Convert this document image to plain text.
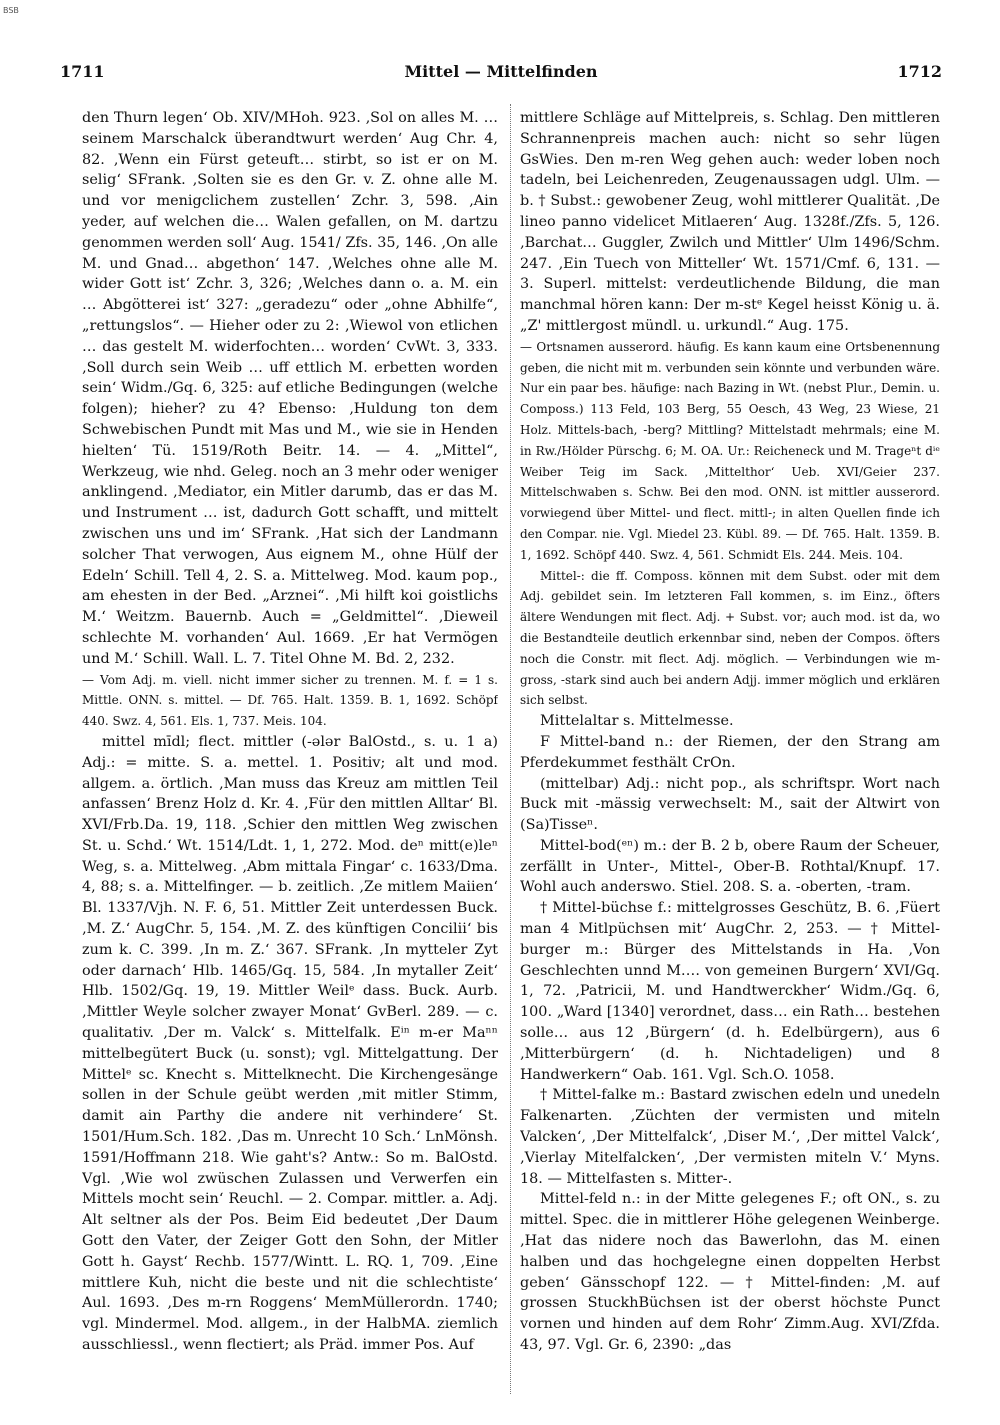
BSB
1711	Mittel — Mittelfinden	1712

den Thurn legen‘ Ob. XIV/MHoh. 923. ‚Sol on alles M. … seinem Marschalck überandtwurt werden‘ Aug Chr. 4, 82. ‚Wenn ein Fürst geteuft… stirbt, so ist er on M. selig‘ SFrank. ‚Solten sie es den Gr. v. Z. ohne alle M. und vor menigclichem zustellen‘ Zchr. 3, 598. ‚Ain yeder, auf welchen die… Walen gefallen, on M. dartzu genommen werden soll‘ Aug. 1541/ Zfs. 35, 146. ‚On alle M. und Gnad… abgethon‘ 147. ‚Welches ohne alle M. wider Gott ist‘ Zchr. 3, 326; ‚Welches dann o. a. M. ein … Abgötterei ist‘ 327: „geradezu“ oder „ohne Abhilfe“, „rettungslos“. — Hieher oder zu 2: ‚Wiewol von etlichen … das gestelt M. widerfochten… worden‘ CvWt. 3, 333. ‚Soll durch sein Weib … uff ettlich M. erbetten worden sein‘ Widm./Gq. 6, 325: auf etliche Bedingungen (welche folgen); hieher? zu 4? Ebenso: ‚Huldung ton dem Schwebischen Pundt mit Mas und M., wie sie in Henden hielten‘ Tü. 1519/Roth Beitr. 14. — 4. „Mittel“, Werkzeug, wie nhd. Geleg. noch an 3 mehr oder weniger anklingend. ‚Mediator, ein Mitler darumb, das er das M. und Instrument … ist, dadurch Gott schafft, und mittelt zwischen uns und im‘ SFrank. ‚Hat sich der Landmann solcher That verwogen, Aus eignem M., ohne Hülf der Edeln‘ Schill. Tell 4, 2. S. a. Mittelweg. Mod. kaum pop., am ehesten in der Bed. „Arznei“. ‚Mi hilft koi goistlichs M.‘ Weitzm. Bauernb. Auch = „Geldmittel“. ‚Dieweil schlechte M. vorhanden‘ Aul. 1669. ‚Er hat Vermögen und M.‘ Schill. Wall. L. 7. Titel Ohne M. Bd. 2, 232.

— Vom Adj. m. viell. nicht immer sicher zu trennen. M. f. = 1 s. Mittle. ONN. s. mittel. — Df. 765. Halt. 1359. B. 1, 1692. Schöpf 440. Swz. 4, 561. Els. 1, 737. Meis. 104.

mittel mīdl; flect. mittler (-ələr BalOstd., s. u. 1 a) Adj.: = mitte. S. a. mettel. 1. Positiv; alt und mod. allgem. a. örtlich. ‚Man muss das Kreuz am mittlen Teil anfassen‘ Brenz Holz d. Kr. 4. ‚Für den mittlen Alltar‘ Bl. XVI/Frb.Da. 19, 118. ‚Schier den mittlen Weg zwischen St. u. Schd.‘ Wt. 1514/Ldt. 1, 1, 272. Mod. deⁿ mitt(e)leⁿ Weg, s. a. Mittelweg. ‚Abm mittala Fingar‘ c. 1633/Dma. 4, 88; s. a. Mittelfinger. — b. zeitlich. ‚Ze mitlem Maiien‘ Bl. 1337/Vjh. N. F. 6, 51. Mittler Zeit unterdessen Buck. ‚M. Z.‘ AugChr. 5, 154. ‚M. Z. des künftigen Concilii‘ bis zum k. C. 399. ‚In m. Z.‘ 367. SFrank. ‚In mytteler Zyt oder darnach‘ Hlb. 1465/Gq. 15, 584. ‚In mytaller Zeit‘ Hlb. 1502/Gq. 19, 19. Mittler Weilᵉ dass. Buck. Aurb. ‚Mittler Weyle solcher zwayer Monat‘ GvBerl. 289. — c. qualitativ. ‚Der m. Valck‘ s. Mittelfalk. Eⁱⁿ m-er Maⁿⁿ mittelbegütert Buck (u. sonst); vgl. Mittelgattung. Der Mittelᵉ sc. Knecht s. Mittelknecht. Die Kirchengesänge sollen in der Schule geübt werden ‚mit mitler Stimm, damit ain Parthy die andere nit verhindere‘ St. 1501/Hum.Sch. 182. ‚Das m. Unrecht 10 Sch.‘ LnMönsh. 1591/Hoffmann 218. Wie gaht's? Antw.: So m. BalOstd. Vgl. ‚Wie wol zwüschen Zulassen und Verwerfen ein Mittels mocht sein‘ Reuchl. — 2. Compar. mittler. a. Adj. Alt seltner als der Pos. Beim Eid bedeutet ‚Der Daum Gott den Vater, der Zeiger Gott den Sohn, der Mitler Gott h. Gayst‘ Rechb. 1577/Wintt. L. RQ. 1, 709. ‚Eine mittlere Kuh, nicht die beste und nit die schlechtiste‘ Aul. 1693. ‚Des m-rn Roggens‘ MemMüllerordn. 1740; vgl. Mindermel. Mod. allgem., in der HalbMA. ziemlich ausschliessl., wenn flectiert; als Präd. immer Pos. Auf

mittlere Schläge auf Mittelpreis, s. Schlag. Den mittleren Schrannenpreis machen auch: nicht so sehr lügen GsWies. Den m-ren Weg gehen auch: weder loben noch tadeln, bei Leichenreden, Zeugenaussagen udgl. Ulm. — b. † Subst.: gewobener Zeug, wohl mittlerer Qualität. ‚De lineo panno videlicet Mitlaeren‘ Aug. 1328f./Zfs. 5, 126. ‚Barchat… Guggler, Zwilch und Mittler‘ Ulm 1496/Schm. 247. ‚Ein Tuech von Mitteller‘ Wt. 1571/Cmf. 6, 131. — 3. Superl. mittelst: verdeutlichende Bildung, die man manchmal hören kann: Der m-stᵉ Kegel heisst König u. ä. „Z' mittlergost mündl. u. urkundl.“ Aug. 175.

— Ortsnamen ausserord. häufig. Es kann kaum eine Ortsbenennung geben, die nicht mit m. verbunden sein könnte und verbunden wäre. Nur ein paar bes. häufige: nach Bazing in Wt. (nebst Plur., Demin. u. Composs.) 113 Feld, 103 Berg, 55 Oesch, 43 Weg, 23 Wiese, 21 Holz. Mittels-bach, -berg? Mittling? Mittelstadt mehrmals; eine M. in Rw./Hölder Pürschg. 6; M. OA. Ur.: Reicheneck und M. Trageⁿt dⁱᵉ Weiber Teig im Sack. ‚Mittelthor‘ Ueb. XVI/Geier 237. Mittelschwaben s. Schw. Bei den mod. ONN. ist mittler ausserord. vorwiegend über Mittel- und flect. mittl-; in alten Quellen finde ich den Compar. nie. Vgl. Miedel 23. Kübl. 89. — Df. 765. Halt. 1359. B. 1, 1692. Schöpf 440. Swz. 4, 561. Schmidt Els. 244. Meis. 104.

Mittel-: die ff. Composs. können mit dem Subst. oder mit dem Adj. gebildet sein. Im letzteren Fall kommen, s. im Einz., öfters ältere Wendungen mit flect. Adj. + Subst. vor; auch mod. ist da, wo die Bestandteile deutlich erkennbar sind, neben der Compos. öfters noch die Constr. mit flect. Adj. möglich. — Verbindungen wie m-gross, -stark sind auch bei andern Adjj. immer möglich und erklären sich selbst.

Mittelaltar s. Mittelmesse.

F Mittel-band n.: der Riemen, der den Strang am Pferdekummet festhält CrOn.

(mittelbar) Adj.: nicht pop., als schriftspr. Wort nach Buck mit -mässig verwechselt: M., sait der Altwirt von (Sa)Tisseⁿ.

Mittel-bod(ᵉⁿ) m.: der B. 2 b, obere Raum der Scheuer, zerfällt in Unter-, Mittel-, Ober-B. Rothtal/Knupf. 17. Wohl auch anderswo. Stiel. 208. S. a. -oberten, -tram.

† Mittel-büchse f.: mittelgrosses Geschütz, B. 6. ‚Füert man 4 Mitlpüchsen mit‘ AugChr. 2, 253. — † Mittel-burger m.: Bürger des Mittelstands in Ha. ‚Von Geschlechten unnd M…. von gemeinen Burgern‘ XVI/Gq. 1, 72. ‚Patricii, M. und Handtwerckher‘ Widm./Gq. 6, 100. „Ward [1340] verordnet, dass… ein Rath… bestehen solle… aus 12 ‚Bürgern‘ (d. h. Edelbürgern), aus 6 ‚Mitterbürgern‘ (d. h. Nichtadeligen) und 8 Handwerkern“ Oab. 161. Vgl. Sch.O. 1058.

† Mittel-falke m.: Bastard zwischen edeln und unedeln Falkenarten. ‚Züchten der vermisten und miteln Valcken‘, ‚Der Mittelfalck‘, ‚Diser M.‘, ‚Der mittel Valck‘, ‚Vierlay Mitelfalcken‘, ‚Der vermisten miteln V.‘ Myns. 18. — Mittelfasten s. Mitter-.

Mittel-feld n.: in der Mitte gelegenes F.; oft ON., s. zu mittel. Spec. die in mittlerer Höhe gelegenen Weinberge. ‚Hat das nidere noch das Bawerlohn, das M. einen halben und das hochgelegne einen doppelten Herbst geben‘ Gänsschopf 122. — † Mittel-finden: ‚M. auf grossen StuckhBüchsen ist der oberst höchste Punct vornen und hinden auf dem Rohr‘ Zimm.Aug. XVI/Zfda. 43, 97. Vgl. Gr. 6, 2390: „das
